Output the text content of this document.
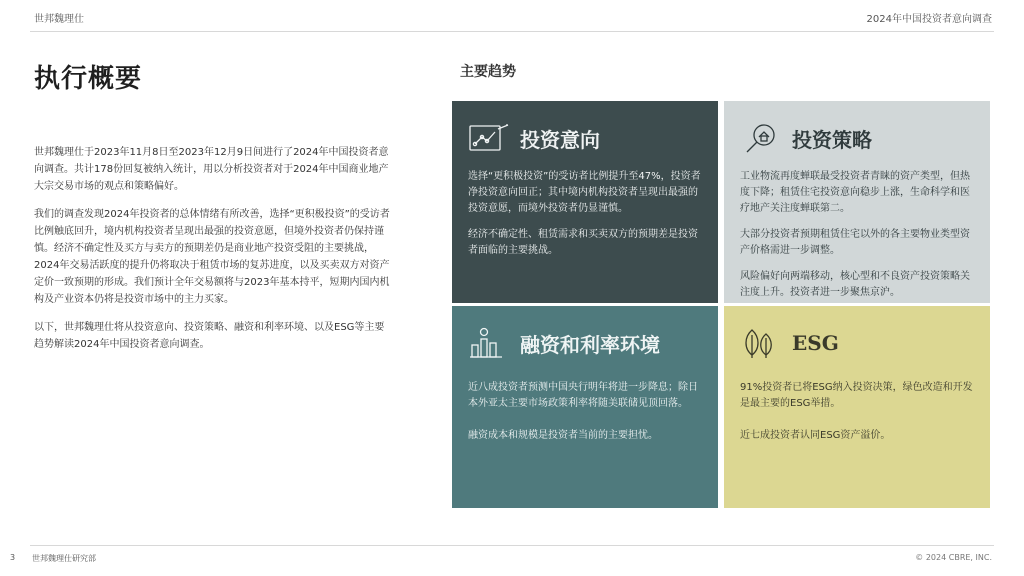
世邦魏理仕	2024年中国投资者意向调查
执行概要

世邦魏理仕于2023年11月8日至2023年12月9日间进行了2024年中国投资者意向调查。共计178份回复被纳入统计，用以分析投资者对于2024年中国商业地产大宗交易市场的观点和策略偏好。

我们的调查发现2024年投资者的总体情绪有所改善，选择“更积极投资”的受访者比例触底回升，境内机构投资者呈现出最强的投资意愿，但境外投资者仍保持谨慎。经济不确定性及买方与卖方的预期差仍是商业地产投资受阻的主要挑战，2024年交易活跃度的提升仍将取决于租赁市场的复苏进度，以及买卖双方对资产定价一致预期的形成。我们预计全年交易额将与2023年基本持平，短期内国内机构及产业资本仍将是投资市场中的主力买家。

以下，世邦魏理仕将从投资意向、投资策略、融资和利率环境、以及ESG等主要趋势解读2024年中国投资者意向调查。

主要趋势
投资意向

选择“更积极投资”的受访者比例提升至47%，投资者净投资意向回正；其中境内机构投资者呈现出最强的投资意愿，而境外投资者仍显谨慎。

经济不确定性、租赁需求和买卖双方的预期差是投资者面临的主要挑战。

投资策略

工业物流再度蝉联最受投资者青睐的资产类型，但热度下降；租赁住宅投资意向稳步上涨，生命科学和医疗地产关注度蝉联第二。

大部分投资者预期租赁住宅以外的各主要物业类型资产价格需进一步调整。

风险偏好向两端移动，核心型和不良资产投资策略关注度上升。投资者进一步聚焦京沪。

融资和利率环境

近八成投资者预测中国央行明年将进一步降息；除日本外亚太主要市场政策利率将随美联储见顶回落。

融资成本和规模是投资者当前的主要担忧。

ESG

91%投资者已将ESG纳入投资决策，绿色改造和开发是最主要的ESG举措。

近七成投资者认同ESG资产溢价。

3 世邦魏理仕研究部	© 2024 CBRE, INC.
